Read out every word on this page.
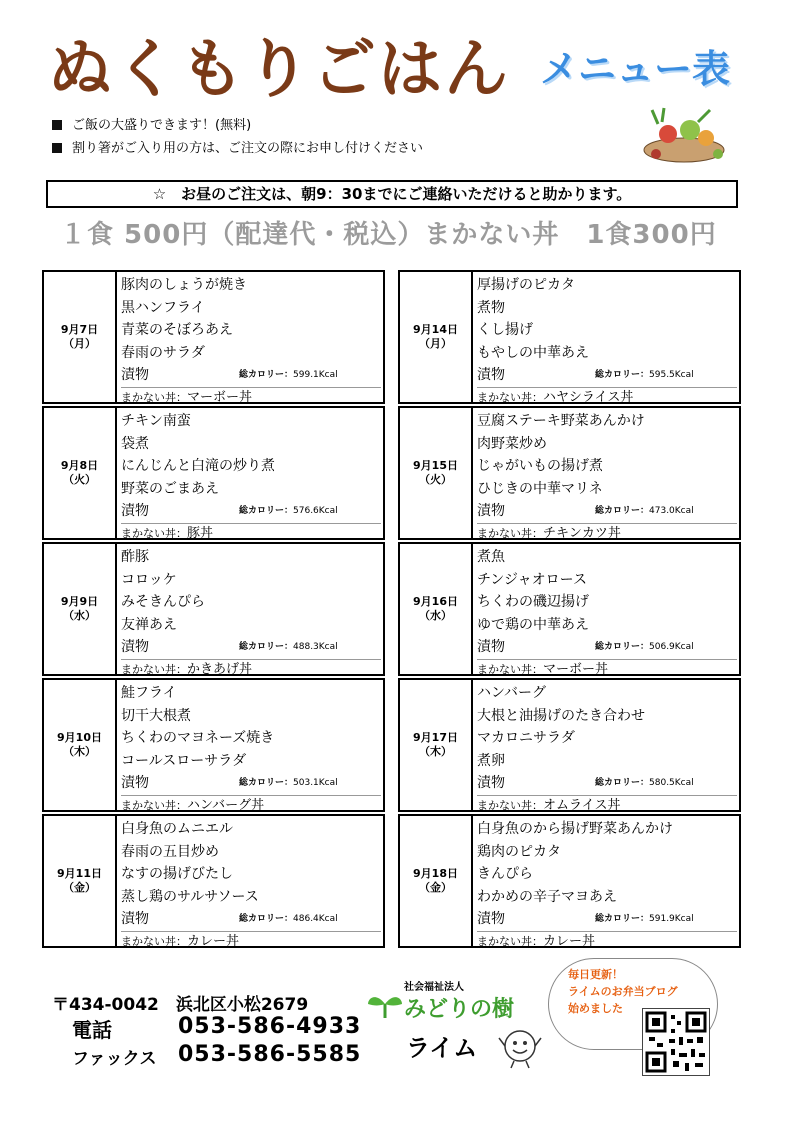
ぬくもりごはん メニュー表
ご飯の大盛りできます！(無料)
割り箸がご入り用の方は、ご注文の際にお申し付けください
☆　お昼のご注文は、朝9：30までにご連絡いただけると助かります。
１食 500円（配達代・税込）まかない丼　1食300円
9月7日
（月）
豚肉のしょうが焼き
黒ハンフライ
青菜のそぼろあえ
春雨のサラダ
漬物	総カロリー：599.1Kcal
まかない丼：マーボー丼
9月8日
（火）
チキン南蛮
袋煮
にんじんと白滝の炒り煮
野菜のごまあえ
漬物	総カロリー：576.6Kcal
まかない丼：豚丼
9月9日
（水）
酢豚
コロッケ
みそきんぴら
友禅あえ
漬物	総カロリー：488.3Kcal
まかない丼：かきあげ丼
9月10日
（木）
鮭フライ
切干大根煮
ちくわのマヨネーズ焼き
コールスローサラダ
漬物	総カロリー：503.1Kcal
まかない丼：ハンバーグ丼
9月11日
（金）
白身魚のムニエル
春雨の五目炒め
なすの揚げびたし
蒸し鶏のサルサソース
漬物	総カロリー：486.4Kcal
まかない丼：カレー丼
9月14日
（月）
厚揚げのピカタ
煮物
くし揚げ
もやしの中華あえ
漬物	総カロリー：595.5Kcal
まかない丼：ハヤシライス丼
9月15日
（火）
豆腐ステーキ野菜あんかけ
肉野菜炒め
じゃがいもの揚げ煮
ひじきの中華マリネ
漬物	総カロリー：473.0Kcal
まかない丼：チキンカツ丼
9月16日
（水）
煮魚
チンジャオロース
ちくわの磯辺揚げ
ゆで鶏の中華あえ
漬物	総カロリー：506.9Kcal
まかない丼：マーボー丼
9月17日
（木）
ハンバーグ
大根と油揚げのたき合わせ
マカロニサラダ
煮卵
漬物	総カロリー：580.5Kcal
まかない丼：オムライス丼
9月18日
（金）
白身魚のから揚げ野菜あんかけ
鶏肉のピカタ
きんぴら
わかめの辛子マヨあえ
漬物	総カロリー：591.9Kcal
まかない丼：カレー丼
〒434-0042　浜北区小松2679
電話	053-586-4933
ファックス 053-586-5585
社会福祉法人
みどりの樹
ライム
毎日更新！
ライムのお弁当ブログ
始めました
